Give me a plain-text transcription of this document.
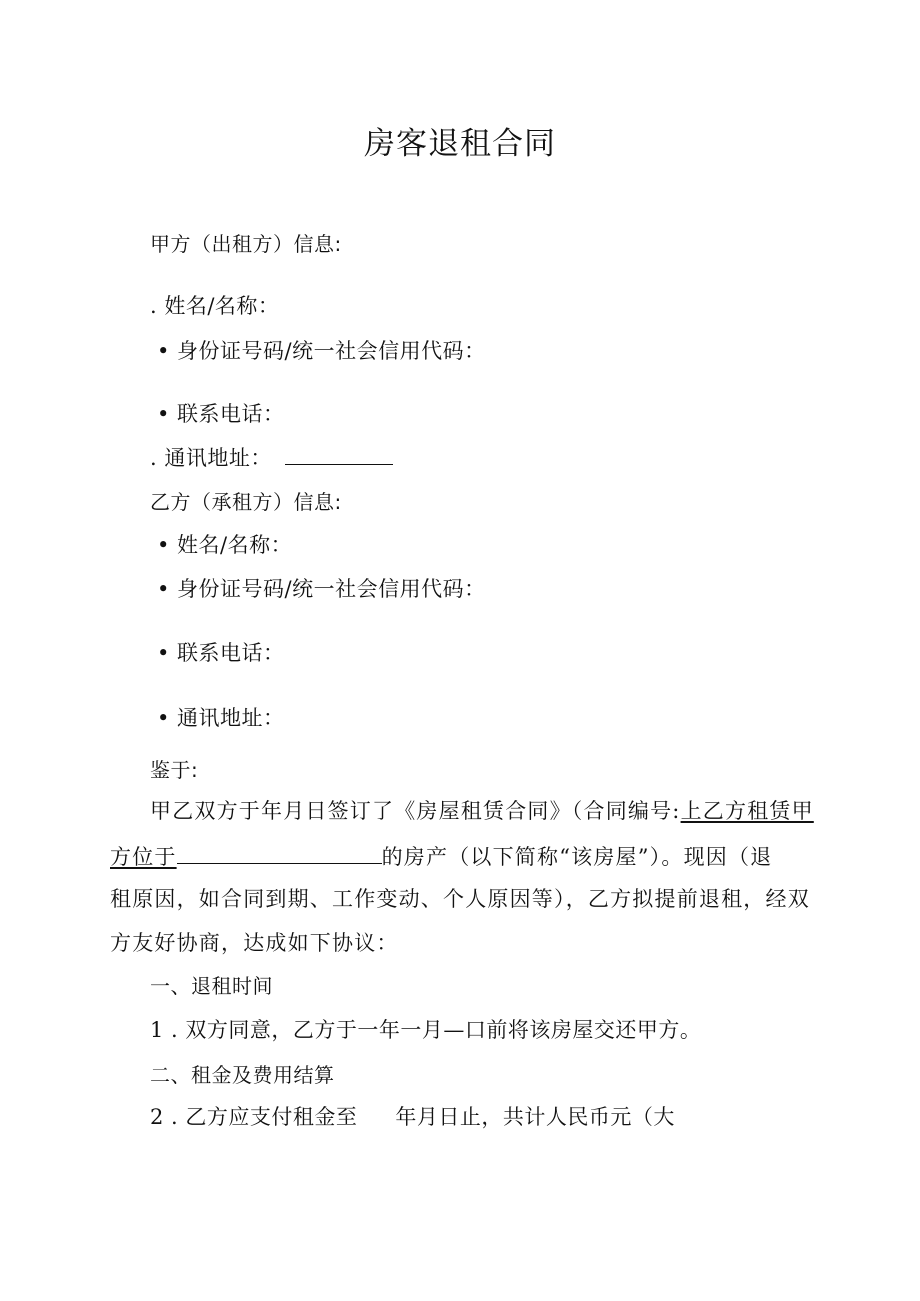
房客退租合同
甲方（出租方）信息:
. 姓名/名称：
• 身份证号码/统一社会信用代码：
• 联系电话：
. 通讯地址：
乙方（承租方）信息:
• 姓名/名称：
• 身份证号码/统一社会信用代码：
• 联系电话：
• 通讯地址：
鉴于:
甲乙双方于年月日签订了《房屋租赁合同》（合同编号:上乙方租赁甲
方位于	的房产（以下简称“该房屋”）。现因（退
租原因，如合同到期、工作变动、个人原因等），乙方拟提前退租，经双
方友好协商，达成如下协议：
一、退租时间
1 . 双方同意，乙方于一年一月—口前将该房屋交还甲方。
二、租金及费用结算
2 . 乙方应支付租金至 年月日止，共计人民币元（大
